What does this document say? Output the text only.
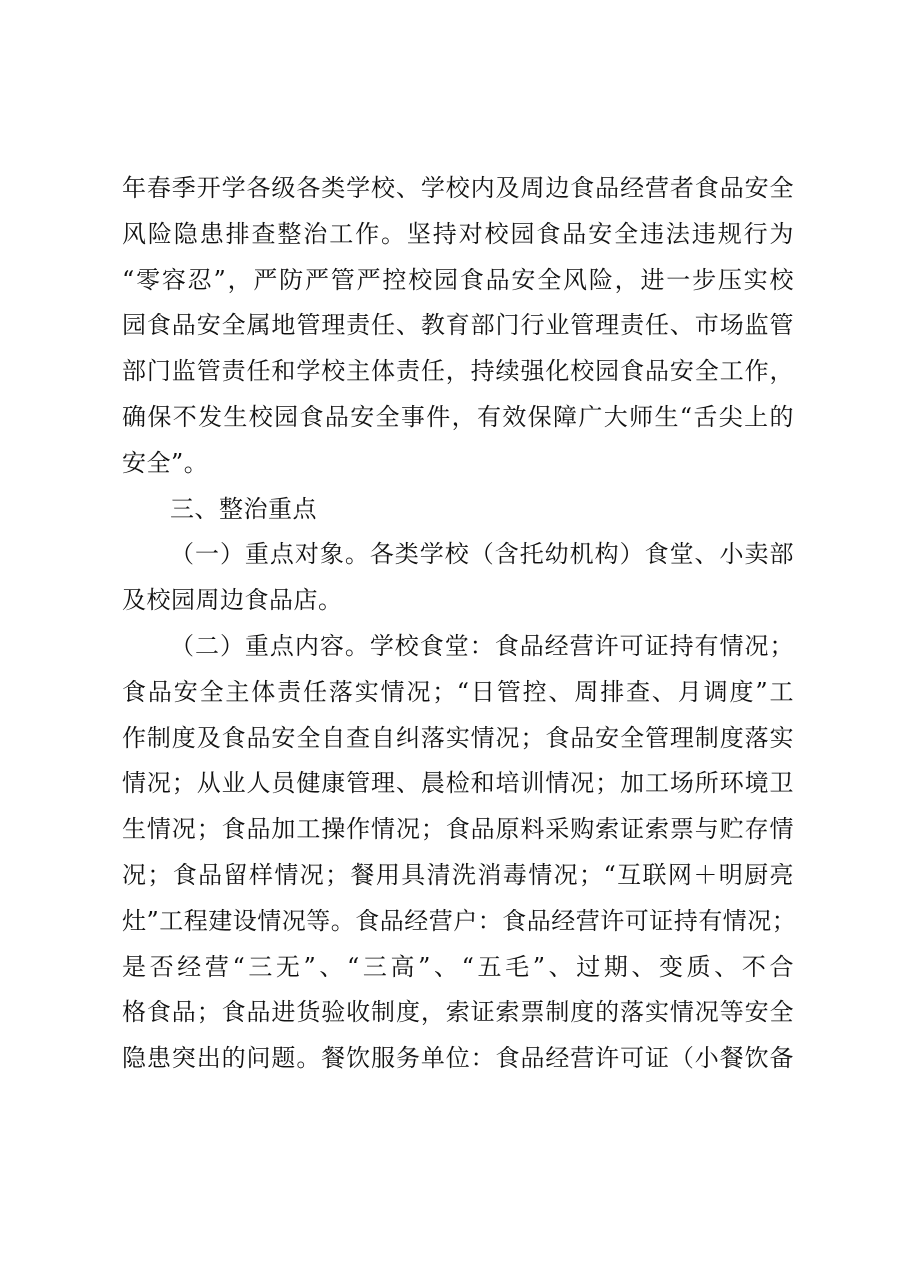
年春季开学各级各类学校、学校内及周边食品经营者食品安全
风险隐患排查整治工作。坚持对校园食品安全违法违规行为
“零容忍”，严防严管严控校园食品安全风险，进一步压实校
园食品安全属地管理责任、教育部门行业管理责任、市场监管
部门监管责任和学校主体责任，持续强化校园食品安全工作，
确保不发生校园食品安全事件，有效保障广大师生“舌尖上的
安全”。
三、整治重点
（一）重点对象。各类学校（含托幼机构）食堂、小卖部
及校园周边食品店。
（二）重点内容。学校食堂：食品经营许可证持有情况；
食品安全主体责任落实情况；“日管控、周排查、月调度”工
作制度及食品安全自查自纠落实情况；食品安全管理制度落实
情况；从业人员健康管理、晨检和培训情况；加工场所环境卫
生情况；食品加工操作情况；食品原料采购索证索票与贮存情
况；食品留样情况；餐用具清洗消毒情况；“互联网＋明厨亮
灶”工程建设情况等。食品经营户：食品经营许可证持有情况；
是否经营“三无”、“三高”、“五毛”、过期、变质、不合
格食品；食品进货验收制度，索证索票制度的落实情况等安全
隐患突出的问题。餐饮服务单位：食品经营许可证（小餐饮备
